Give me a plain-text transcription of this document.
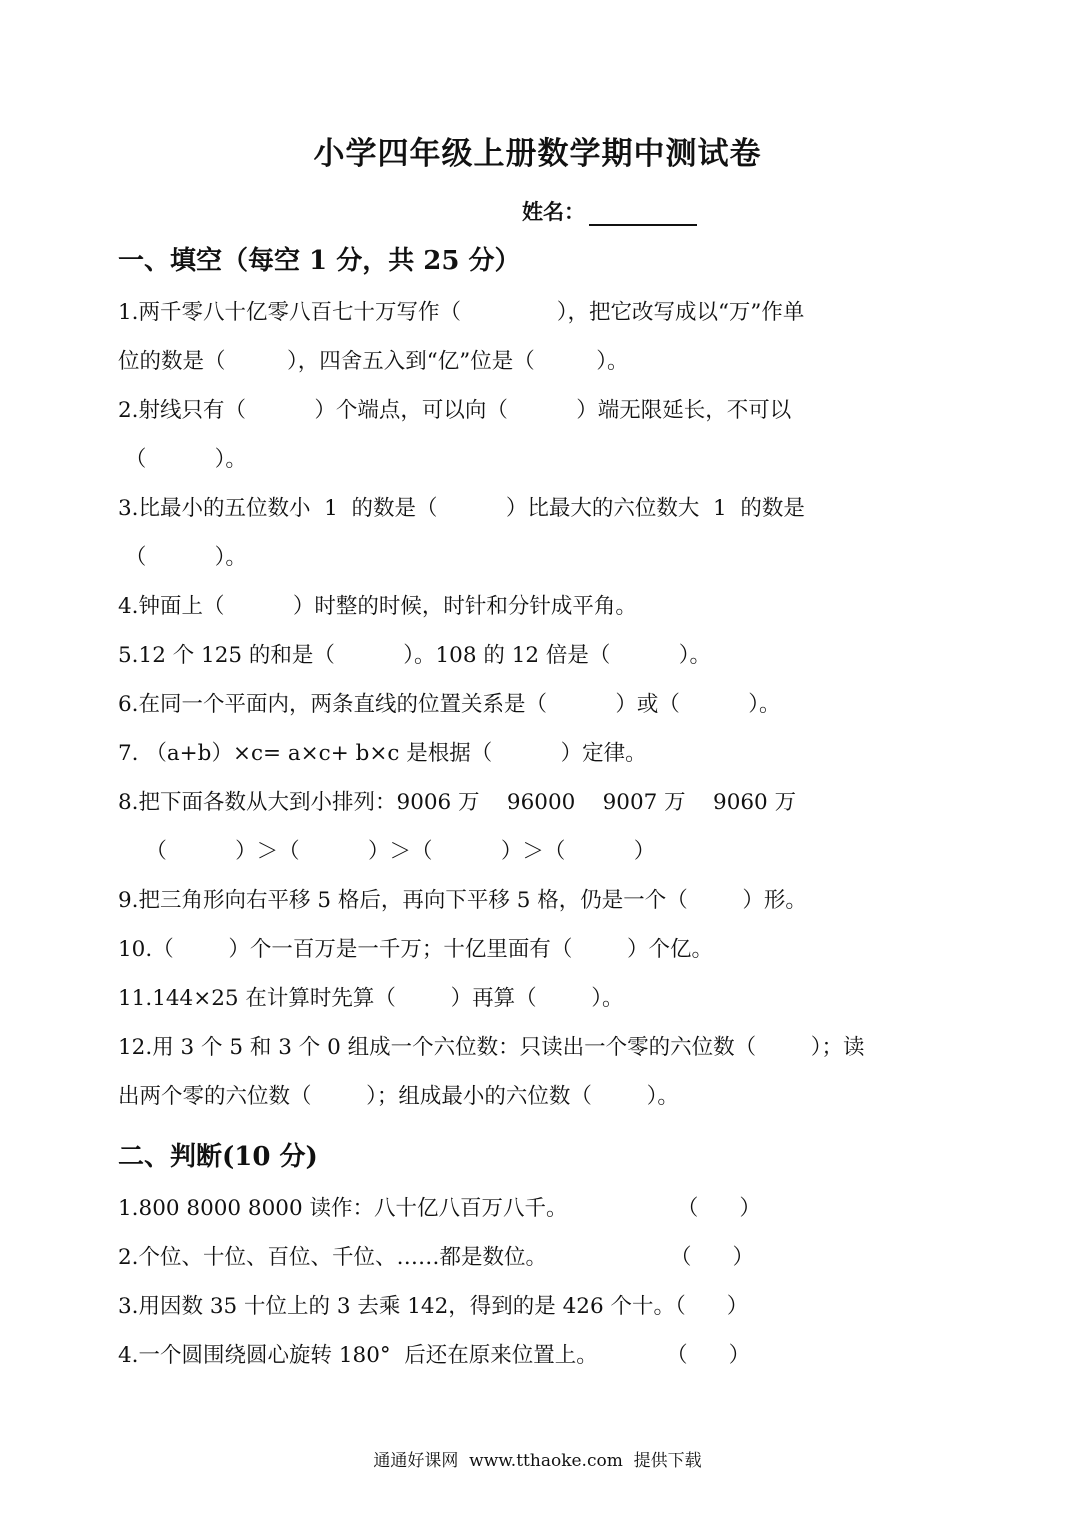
小学四年级上册数学期中测试卷
姓名：
一、填空（每空 1 分，共 25 分）
1.两千零八十亿零八百七十万写作（              ），把它改写成以“万”作单
位的数是（         ），四舍五入到“亿”位是（         ）。
2.射线只有（          ）个端点，可以向（          ）端无限延长，不可以
（          ）。
3.比最小的五位数小  1  的数是（          ）比最大的六位数大  1  的数是
（          ）。
4.钟面上（          ）时整的时候，时针和分针成平角。
5.12 个 125 的和是（          ）。108 的 12 倍是（          ）。
6.在同一个平面内，两条直线的位置关系是（          ）或（          ）。
7. （a+b）×c= a×c+ b×c 是根据（          ）定律。
8.把下面各数从大到小排列：9006 万    96000    9007 万    9060 万
（          ）＞（          ）＞（          ）＞（          ）
9.把三角形向右平移 5 格后，再向下平移 5 格，仍是一个（        ）形。
10.（        ）个一百万是一千万；十亿里面有（        ）个亿。
11.144×25 在计算时先算（        ）再算（        ）。
12.用 3 个 5 和 3 个 0 组成一个六位数：只读出一个零的六位数（        ）；读
出两个零的六位数（        ）；组成最小的六位数（        ）。
二、判断(10 分)
1.800 8000 8000 读作：八十亿八百万八千。                （      ）
2.个位、十位、百位、千位、……都是数位。                  （      ）
3.用因数 35 十位上的 3 去乘 142，得到的是 426 个十。（      ）
4.一个圆围绕圆心旋转 180°  后还在原来位置上。          （      ）
通通好课网  www.tthaoke.com  提供下载
